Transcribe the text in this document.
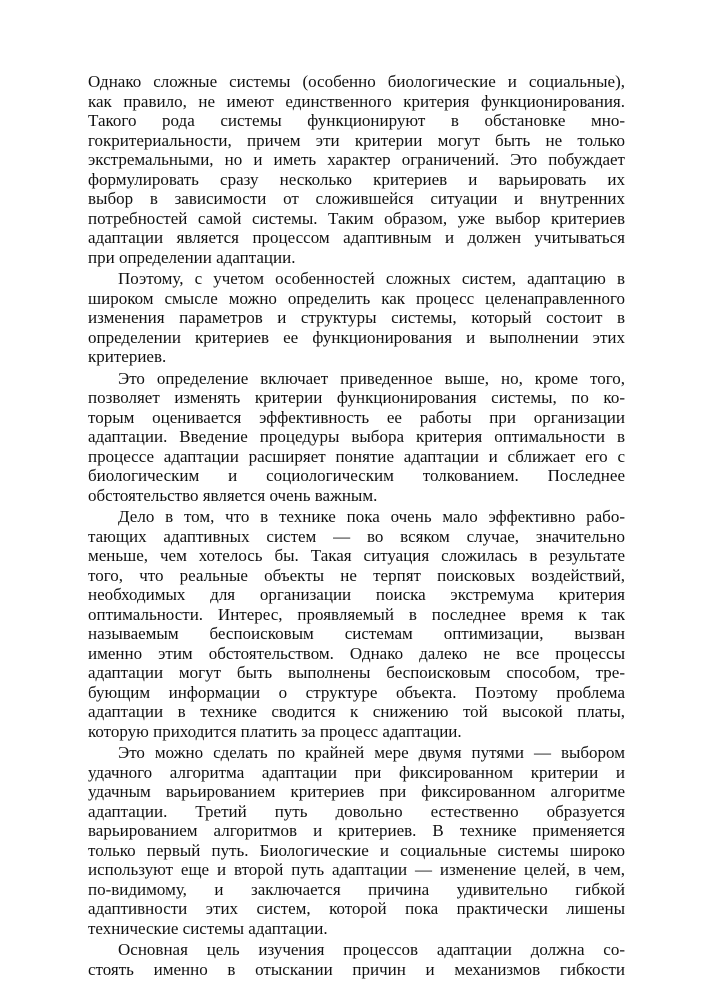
Однако сложные системы (особенно биологические и социальные),
как правило, не имеют единственного критерия функционирования.
Такого рода системы функционируют в обстановке мно-
гокритериальности, причем эти критерии могут быть не только
экстремальными, но и иметь характер ограничений. Это побуждает
формулировать сразу несколько критериев и варьировать их
выбор в зависимости от сложившейся ситуации и внутренних
потребностей самой системы. Таким образом, уже выбор критериев
адаптации является процессом адаптивным и должен учитываться
при определении адаптации.
Поэтому, с учетом особенностей сложных систем, адаптацию в
широком смысле можно определить как процесс целенаправленного
изменения параметров и структуры системы, который состоит в
определении критериев ее функционирования и выполнении этих
критериев.
Это определение включает приведенное выше, но, кроме того,
позволяет изменять критерии функционирования системы, по ко-
торым оценивается эффективность ее работы при организации
адаптации. Введение процедуры выбора критерия оптимальности в
процессе адаптации расширяет понятие адаптации и сближает его с
биологическим и социологическим толкованием. Последнее
обстоятельство является очень важным.
Дело в том, что в технике пока очень мало эффективно рабо-
тающих адаптивных систем — во всяком случае, значительно
меньше, чем хотелось бы. Такая ситуация сложилась в результате
того, что реальные объекты не терпят поисковых воздействий,
необходимых для организации поиска экстремума критерия
оптимальности. Интерес, проявляемый в последнее время к так
называемым беспоисковым системам оптимизации, вызван
именно этим обстоятельством. Однако далеко не все процессы
адаптации могут быть выполнены беспоисковым способом, тре-
бующим информации о структуре объекта. Поэтому проблема
адаптации в технике сводится к снижению той высокой платы,
которую приходится платить за процесс адаптации.
Это можно сделать по крайней мере двумя путями — выбором
удачного алгоритма адаптации при фиксированном критерии и
удачным варьированием критериев при фиксированном алгоритме
адаптации. Третий путь довольно естественно образуется
варьированием алгоритмов и критериев. В технике применяется
только первый путь. Биологические и социальные системы широко
используют еще и второй путь адаптации — изменение целей, в чем,
по-видимому, и заключается причина удивительно гибкой
адаптивности этих систем, которой пока практически лишены
технические системы адаптации.
Основная цель изучения процессов адаптации должна со-
стоять именно в отыскании причин и механизмов гибкости
